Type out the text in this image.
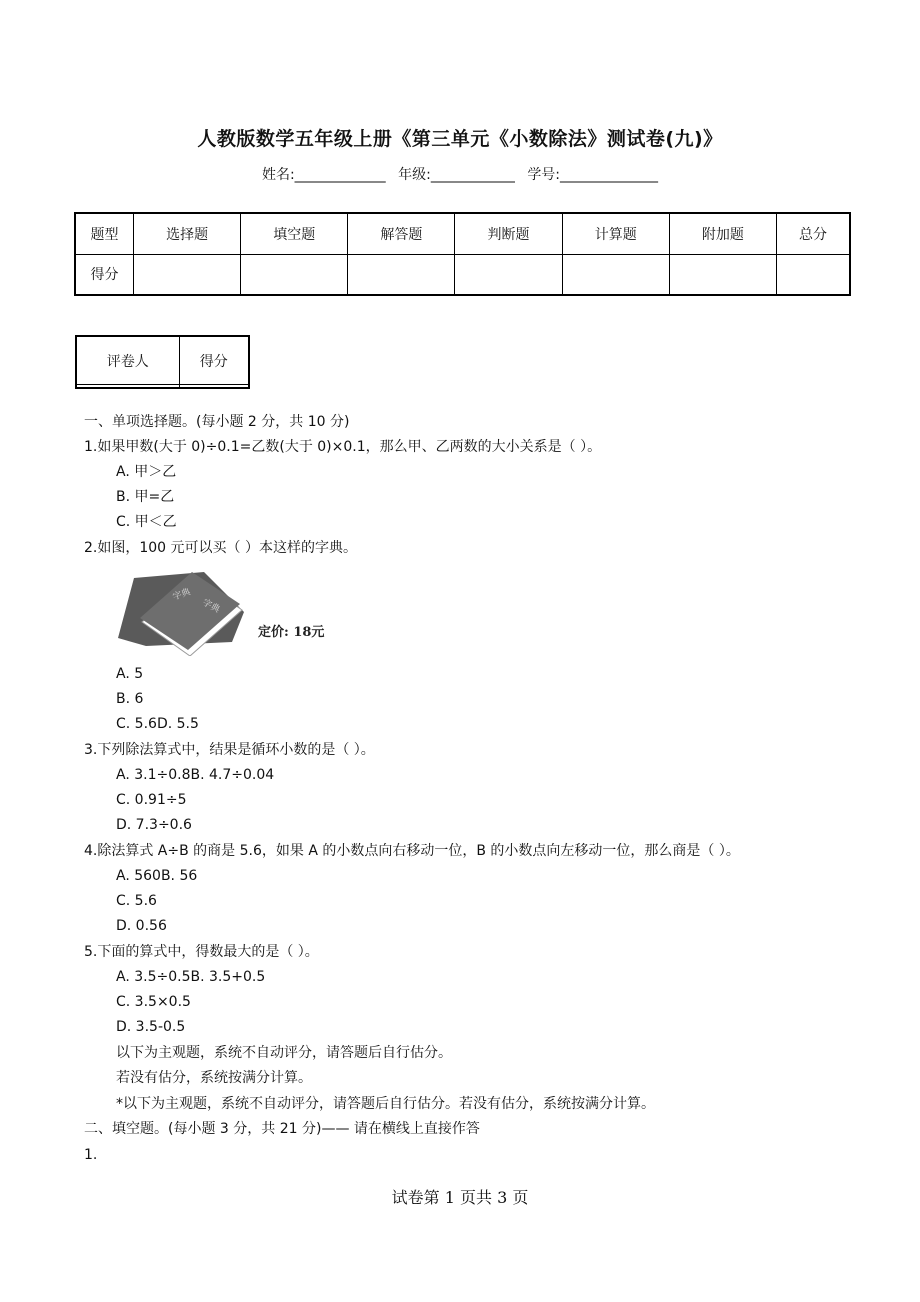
人教版数学五年级上册《第三单元《小数除法》测试卷(九)》
姓名:_____________ 年级:____________ 学号:______________
题型	选择题	填空题	解答题	判断题	计算题	附加题	总分
得分							
评卷人	得分

一、单项选择题。(每小题 2 分，共 10 分)
1.如果甲数(大于 0)÷0.1=乙数(大于 0)×0.1，那么甲、乙两数的大小关系是（ ）。
A. 甲＞乙
B. 甲=乙
C. 甲＜乙
2.如图，100 元可以买（ ）本这样的字典。
字典
字典
定价: 18元
A. 5
B. 6
C. 5.6D. 5.5
3.下列除法算式中，结果是循环小数的是（ ）。
A. 3.1÷0.8B. 4.7÷0.04
C. 0.91÷5
D. 7.3÷0.6
4.除法算式 A÷B 的商是 5.6，如果 A 的小数点向右移动一位，B 的小数点向左移动一位，那么商是（ ）。
A. 560B. 56
C. 5.6
D. 0.56
5.下面的算式中，得数最大的是（ ）。
A. 3.5÷0.5B. 3.5+0.5
C. 3.5×0.5
D. 3.5-0.5
以下为主观题，系统不自动评分，请答题后自行估分。
若没有估分，系统按满分计算。
*以下为主观题，系统不自动评分，请答题后自行估分。若没有估分，系统按满分计算。
二、填空题。(每小题 3 分，共 21 分)—— 请在横线上直接作答
1.
试卷第 1 页共 3 页
